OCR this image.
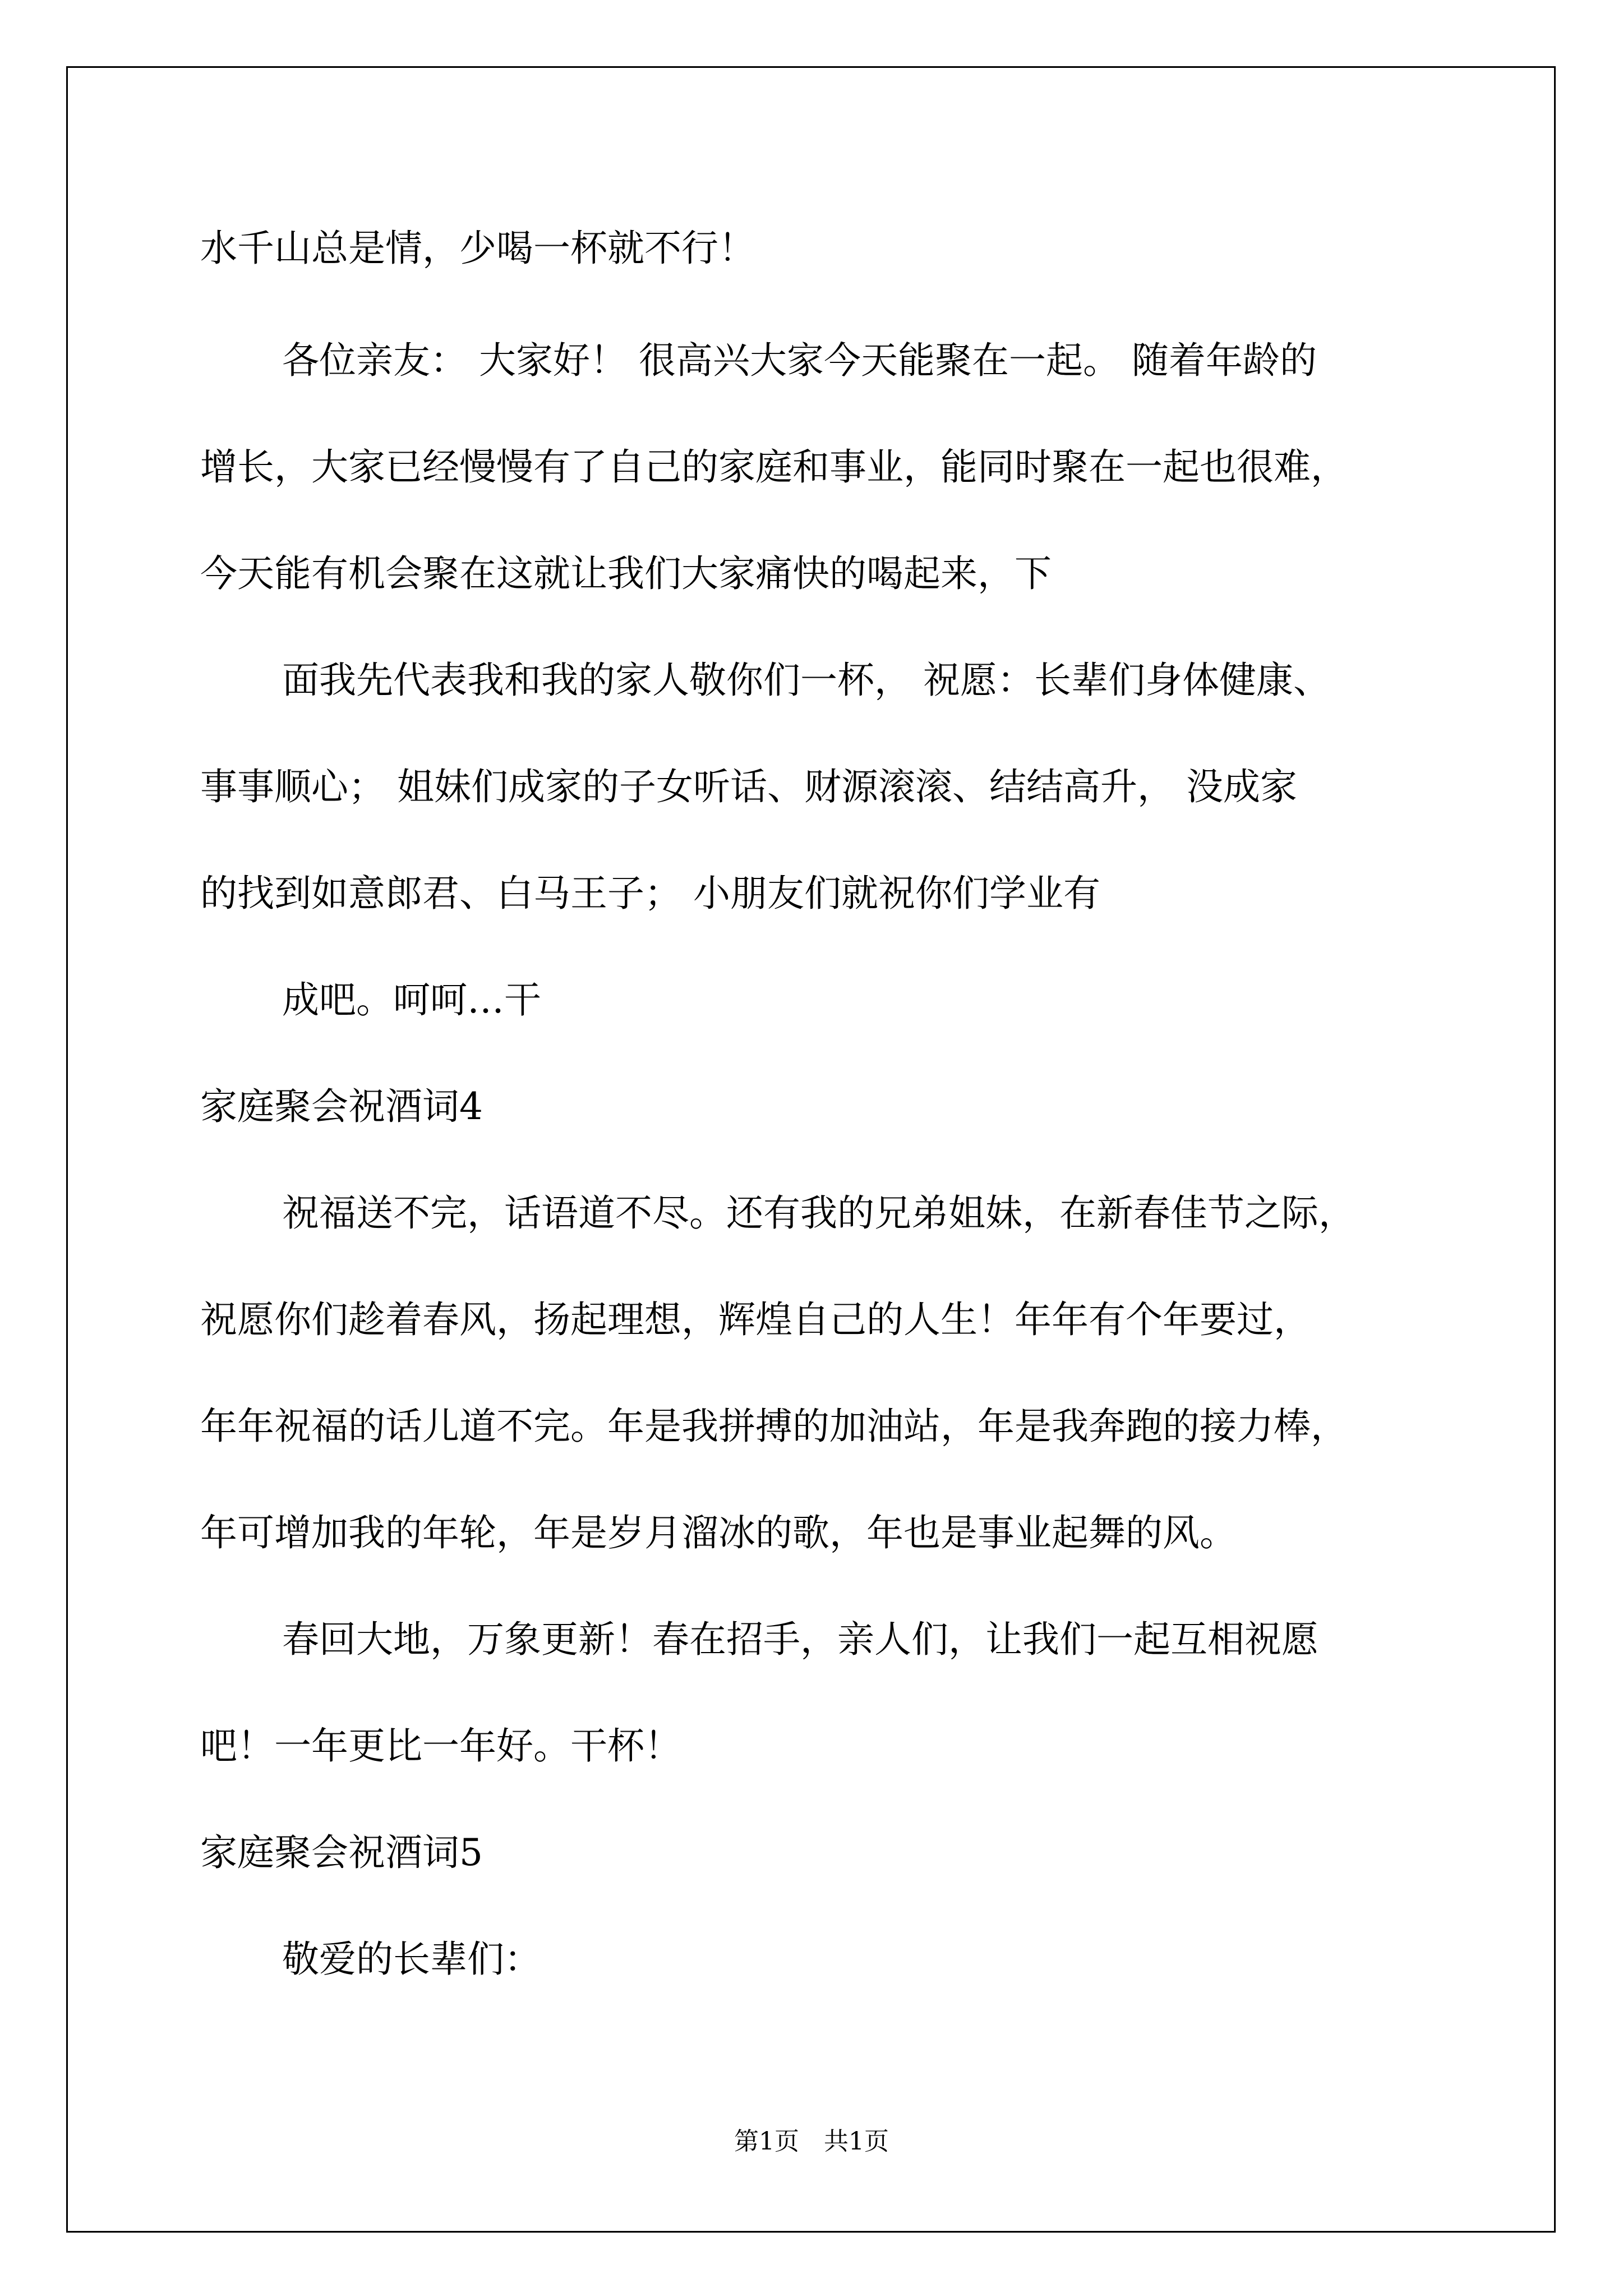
水千山总是情，少喝一杯就不行！
各位亲友： 大家好！ 很高兴大家今天能聚在一起。 随着年龄的
增长，大家已经慢慢有了自己的家庭和事业，能同时聚在一起也很难，
今天能有机会聚在这就让我们大家痛快的喝起来，下
面我先代表我和我的家人敬你们一杯， 祝愿：长辈们身体健康、
事事顺心； 姐妹们成家的子女听话、财源滚滚、结结高升， 没成家
的找到如意郎君、白马王子； 小朋友们就祝你们学业有
成吧。呵呵…干
家庭聚会祝酒词4
祝福送不完，话语道不尽。还有我的兄弟姐妹，在新春佳节之际，
祝愿你们趁着春风，扬起理想，辉煌自己的人生！年年有个年要过，
年年祝福的话儿道不完。年是我拼搏的加油站，年是我奔跑的接力棒，
年可增加我的年轮，年是岁月溜冰的歌，年也是事业起舞的风。
春回大地，万象更新！春在招手，亲人们，让我们一起互相祝愿
吧！一年更比一年好。干杯！
家庭聚会祝酒词5
敬爱的长辈们：
第1页　共1页
